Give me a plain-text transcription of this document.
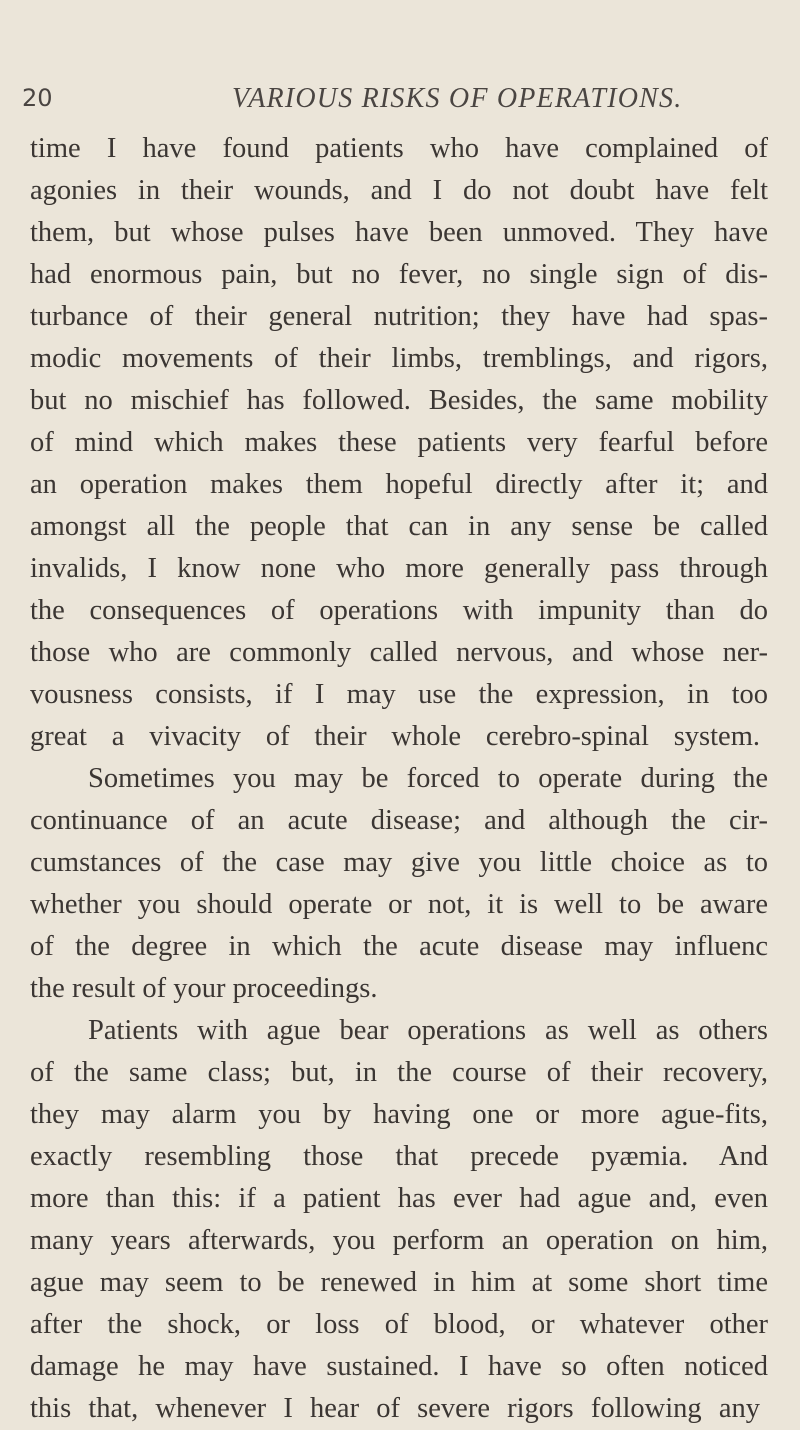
20	VARIOUS RISKS OF OPERATIONS.
time I have found patients who have complained of
agonies in their wounds, and I do not doubt have felt
them, but whose pulses have been unmoved. They have
had enormous pain, but no fever, no single sign of dis-
turbance of their general nutrition; they have had spas-
modic movements of their limbs, tremblings, and rigors,
but no mischief has followed. Besides, the same mobility
of mind which makes these patients very fearful before
an operation makes them hopeful directly after it; and
amongst all the people that can in any sense be called
invalids, I know none who more generally pass through
the consequences of operations with impunity than do
those who are commonly called nervous, and whose ner-
vousness consists, if I may use the expression, in too
great a vivacity of their whole cerebro-spinal system.
Sometimes you may be forced to operate during the
continuance of an acute disease; and although the cir-
cumstances of the case may give you little choice as to
whether you should operate or not, it is well to be aware
of the degree in which the acute disease may influenc
the result of your proceedings.
Patients with ague bear operations as well as others
of the same class; but, in the course of their recovery,
they may alarm you by having one or more ague-fits,
exactly resembling those that precede pyæmia. And
more than this: if a patient has ever had ague and, even
many years afterwards, you perform an operation on him,
ague may seem to be renewed in him at some short time
after the shock, or loss of blood, or whatever other
damage he may have sustained. I have so often noticed
this that, whenever I hear of severe rigors following any
